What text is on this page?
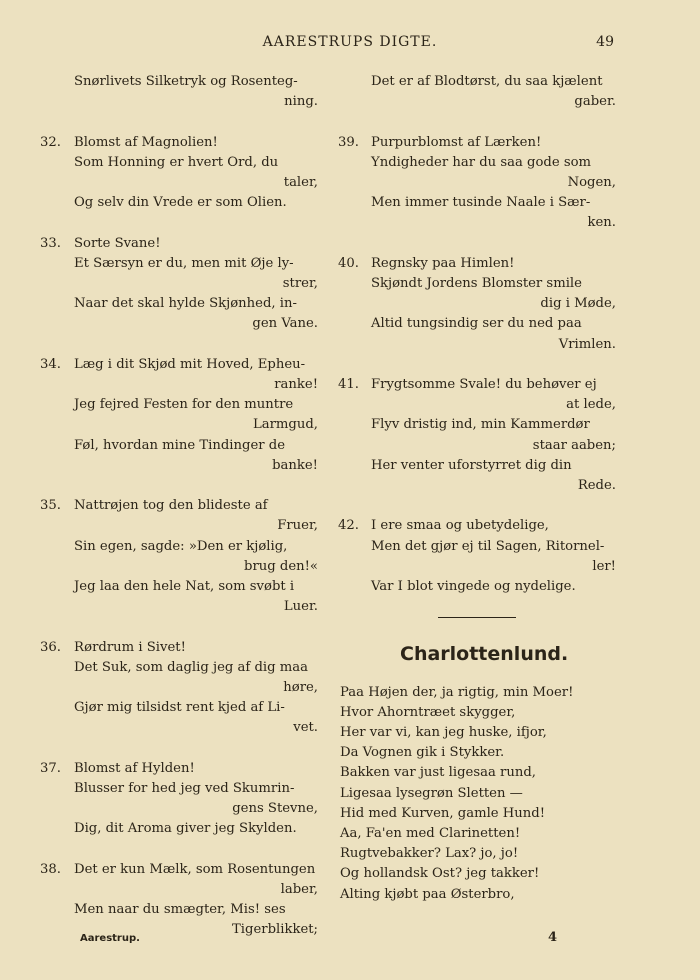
AARESTRUPS DIGTE.	49
Snørlivets Silketryk og Rosenteg-
ning.
32. Blomst af Magnolien!
Som Honning er hvert Ord, du
taler,
Og selv din Vrede er som Olien.
33. Sorte Svane!
Et Særsyn er du, men mit Øje ly-
strer,
Naar det skal hylde Skjønhed, in-
gen Vane.
34. Læg i dit Skjød mit Hoved, Epheu-
ranke!
Jeg fejred Festen for den muntre
Larmgud,
Føl, hvordan mine Tindinger de
banke!
35. Nattrøjen tog den blideste af
Fruer,
Sin egen, sagde: »Den er kjølig,
brug den!«
Jeg laa den hele Nat, som svøbt i
Luer.
36. Rørdrum i Sivet!
Det Suk, som daglig jeg af dig maa
høre,
Gjør mig tilsidst rent kjed af Li-
vet.
37. Blomst af Hylden!
Blusser for hed jeg ved Skumrin-
gens Stevne,
Dig, dit Aroma giver jeg Skylden.
38. Det er kun Mælk, som Rosentungen
laber,
Men naar du smægter, Mis! ses
Tigerblikket;
Det er af Blodtørst, du saa kjælent
gaber.
39. Purpurblomst af Lærken!
Yndigheder har du saa gode som
Nogen,
Men immer tusinde Naale i Sær-
ken.
40. Regnsky paa Himlen!
Skjøndt Jordens Blomster smile
dig i Møde,
Altid tungsindig ser du ned paa
Vrimlen.
41. Frygtsomme Svale! du behøver ej
at lede,
Flyv dristig ind, min Kammerdør
staar aaben;
Her venter uforstyrret dig din
Rede.
42. I ere smaa og ubetydelige,
Men det gjør ej til Sagen, Ritornel-
ler!
Var I blot vingede og nydelige.
Charlottenlund.
Paa Højen der, ja rigtig, min Moer!
Hvor Ahorntræet skygger,
Her var vi, kan jeg huske, ifjor,
Da Vognen gik i Stykker.
Bakken var just ligesaa rund,
Ligesaa lysegrøn Sletten —
Hid med Kurven, gamle Hund!
Aa, Fa'en med Clarinetten!
Rugtvebakker? Lax? jo, jo!
Og hollandsk Ost? jeg takker!
Alting kjøbt paa Østerbro,
Aarestrup.	4
